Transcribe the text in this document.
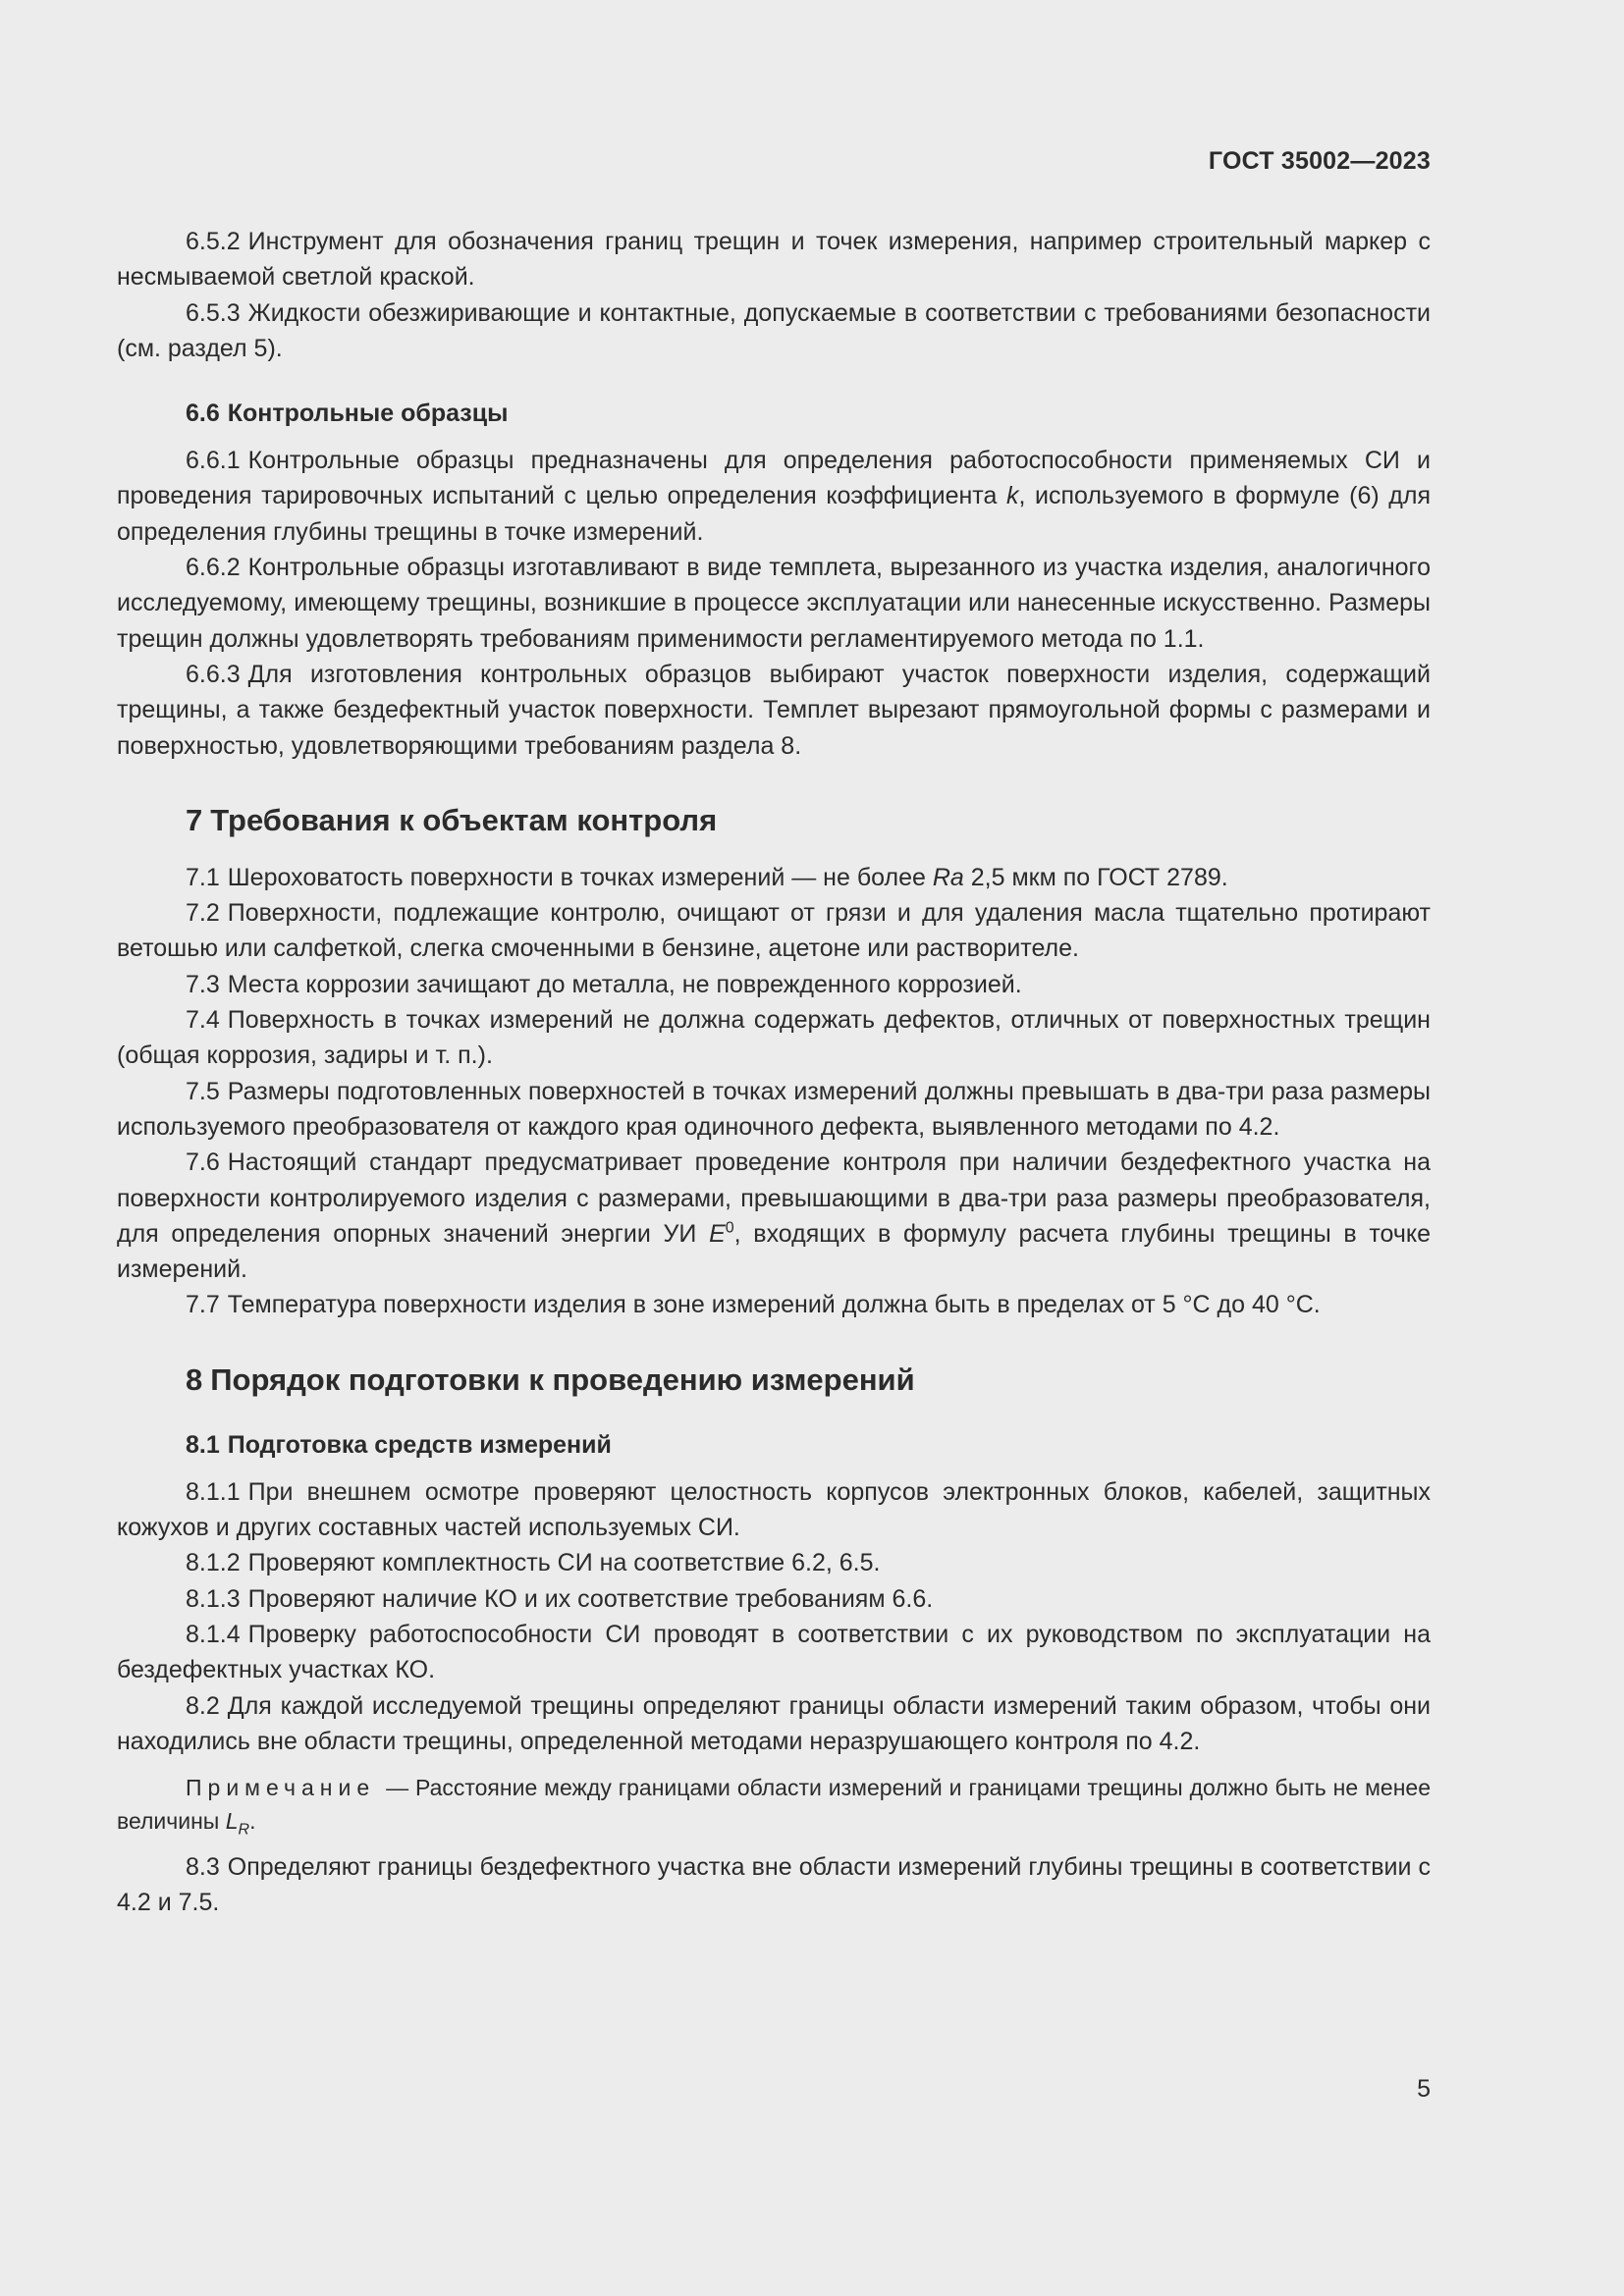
ГОСТ 35002—2023

6.5.2 Инструмент для обозначения границ трещин и точек измерения, например строительный маркер с несмываемой светлой краской.

6.5.3 Жидкости обезжиривающие и контактные, допускаемые в соответствии с требованиями безопасности (см. раздел 5).

6.6 Контрольные образцы

6.6.1 Контрольные образцы предназначены для определения работоспособности применяемых СИ и проведения тарировочных испытаний с целью определения коэффициента k, используемого в формуле (6) для определения глубины трещины в точке измерений.

6.6.2 Контрольные образцы изготавливают в виде темплета, вырезанного из участка изделия, аналогичного исследуемому, имеющему трещины, возникшие в процессе эксплуатации или нанесенные искусственно. Размеры трещин должны удовлетворять требованиям применимости регламентируемого метода по 1.1.

6.6.3 Для изготовления контрольных образцов выбирают участок поверхности изделия, содержащий трещины, а также бездефектный участок поверхности. Темплет вырезают прямоугольной формы с размерами и поверхностью, удовлетворяющими требованиям раздела 8.

7 Требования к объектам контроля

7.1 Шероховатость поверхности в точках измерений — не более Ra 2,5 мкм по ГОСТ 2789.

7.2 Поверхности, подлежащие контролю, очищают от грязи и для удаления масла тщательно протирают ветошью или салфеткой, слегка смоченными в бензине, ацетоне или растворителе.

7.3 Места коррозии зачищают до металла, не поврежденного коррозией.

7.4 Поверхность в точках измерений не должна содержать дефектов, отличных от поверхностных трещин (общая коррозия, задиры и т. п.).

7.5 Размеры подготовленных поверхностей в точках измерений должны превышать в два-три раза размеры используемого преобразователя от каждого края одиночного дефекта, выявленного методами по 4.2.

7.6 Настоящий стандарт предусматривает проведение контроля при наличии бездефектного участка на поверхности контролируемого изделия с размерами, превышающими в два-три раза размеры преобразователя, для определения опорных значений энергии УИ $E^0$, входящих в формулу расчета глубины трещины в точке измерений.

7.7 Температура поверхности изделия в зоне измерений должна быть в пределах от 5 °С до 40 °С.

8 Порядок подготовки к проведению измерений
8.1 Подготовка средств измерений

8.1.1 При внешнем осмотре проверяют целостность корпусов электронных блоков, кабелей, защитных кожухов и других составных частей используемых СИ.

8.1.2 Проверяют комплектность СИ на соответствие 6.2, 6.5.

8.1.3 Проверяют наличие КО и их соответствие требованиям 6.6.

8.1.4 Проверку работоспособности СИ проводят в соответствии с их руководством по эксплуатации на бездефектных участках КО.

8.2 Для каждой исследуемой трещины определяют границы области измерений таким образом, чтобы они находились вне области трещины, определенной методами неразрушающего контроля по 4.2.

Примечание — Расстояние между границами области измерений и границами трещины должно быть не менее величины $L_R$.

8.3 Определяют границы бездефектного участка вне области измерений глубины трещины в соответствии с 4.2 и 7.5.

5
